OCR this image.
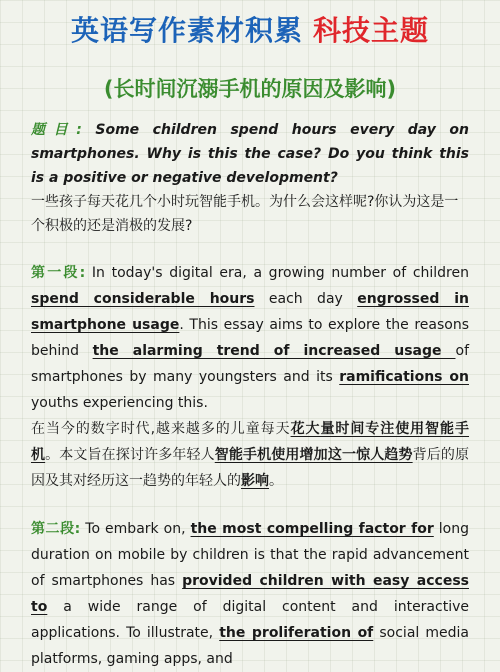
英语写作素材积累 科技主题
(长时间沉溺手机的原因及影响)
题目: Some children spend hours every day on smartphones. Why is this the case? Do you think this is a positive or negative development?
一些孩子每天花几个小时玩智能手机。为什么会这样呢?你认为这是一个积极的还是消极的发展?
第一段: In today's digital era, a growing number of children spend considerable hours each day engrossed in smartphone usage. This essay aims to explore the reasons behind the alarming trend of increased usage of smartphones by many youngsters and its ramifications on youths experiencing this.
在当今的数字时代,越来越多的儿童每天花大量时间专注使用智能手机。本文旨在探讨许多年轻人智能手机使用增加这一惊人趋势背后的原因及其对经历这一趋势的年轻人的影响。
第二段: To embark on, the most compelling factor for long duration on mobile by children is that the rapid advancement of smartphones has provided children with easy access to a wide range of digital content and interactive applications. To illustrate, the proliferation of social media platforms, gaming apps, and
